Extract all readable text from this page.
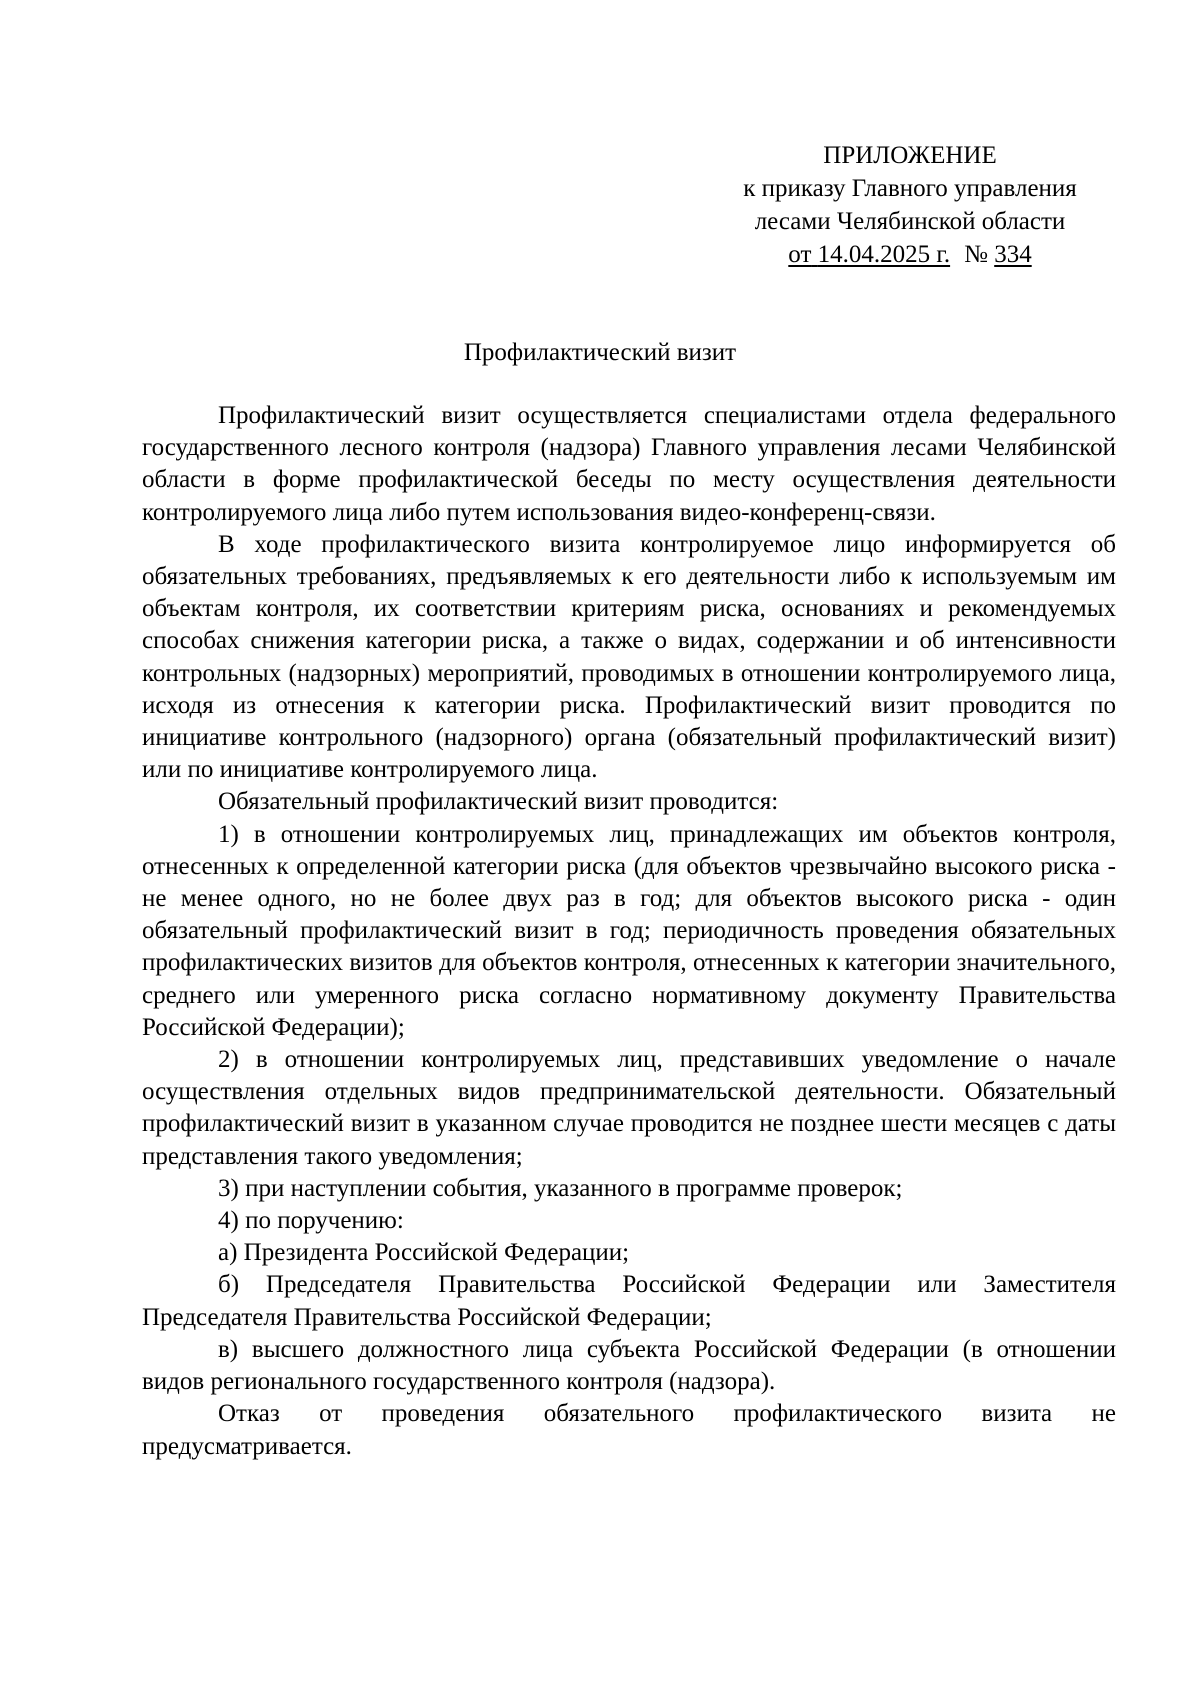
ПРИЛОЖЕНИЕ
к приказу Главного управления
лесами Челябинской области
от 14.04.2025 г. № 334
Профилактический визит

Профилактический визит осуществляется специалистами отдела федерального государственного лесного контроля (надзора) Главного управления лесами Челябинской области в форме профилактической беседы по месту осуществления деятельности контролируемого лица либо путем использования видео-конференц-связи.

В ходе профилактического визита контролируемое лицо информируется об обязательных требованиях, предъявляемых к его деятельности либо к используемым им объектам контроля, их соответствии критериям риска, основаниях и рекомендуемых способах снижения категории риска, а также о видах, содержании и об интенсивности контрольных (надзорных) мероприятий, проводимых в отношении контролируемого лица, исходя из отнесения к категории риска. Профилактический визит проводится по инициативе контрольного (надзорного) органа (обязательный профилактический визит) или по инициативе контролируемого лица.

Обязательный профилактический визит проводится:

1) в отношении контролируемых лиц, принадлежащих им объектов контроля, отнесенных к определенной категории риска (для объектов чрезвычайно высокого риска - не менее одного, но не более двух раз в год; для объектов высокого риска - один обязательный профилактический визит в год; периодичность проведения обязательных профилактических визитов для объектов контроля, отнесенных к категории значительного, среднего или умеренного риска согласно нормативному документу Правительства Российской Федерации);

2) в отношении контролируемых лиц, представивших уведомление о начале осуществления отдельных видов предпринимательской деятельности. Обязательный профилактический визит в указанном случае проводится не позднее шести месяцев с даты представления такого уведомления;

3) при наступлении события, указанного в программе проверок;

4) по поручению:

а) Президента Российской Федерации;

б) Председателя Правительства Российской Федерации или Заместителя Председателя Правительства Российской Федерации;

в) высшего должностного лица субъекта Российской Федерации (в отношении видов регионального государственного контроля (надзора).

Отказ от проведения обязательного профилактического визита не предусматривается.
